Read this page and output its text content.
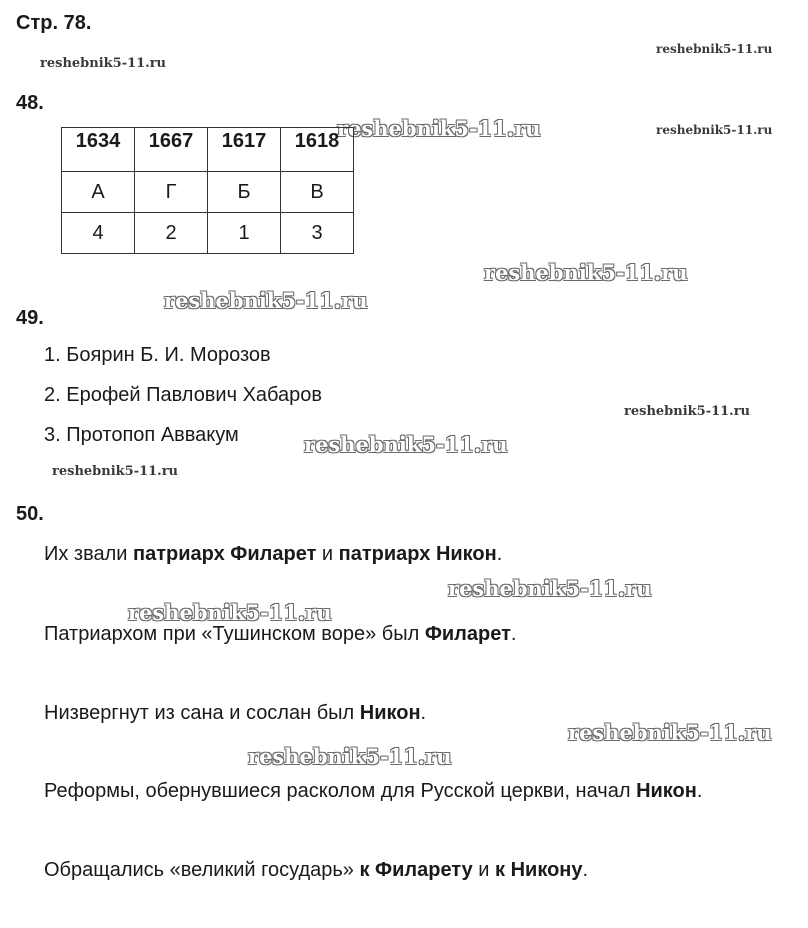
Стр. 78.
reshebnik5-11.ru
reshebnik5-11.ru
reshebnik5-11.ru	reshebnik5-11.ru
reshebnik5-11.ru
reshebnik5-11.ru
reshebnik5-11.ru
reshebnik5-11.ru
reshebnik5-11.ru
reshebnik5-11.ru
reshebnik5-11.ru
reshebnik5-11.ru
reshebnik5-11.ru
48.
1634	1667	1617	1618
А	Г	Б	В
4	2	1	3
49.
1. Боярин Б. И. Морозов
2. Ерофей Павлович Хабаров
3. Протопоп Аввакум
50.
Их звали патриарх Филарет и патриарх Никон.
Патриархом при «Тушинском воре» был Филарет.
Низвергнут из сана и сослан был Никон.
Реформы, обернувшиеся расколом для Русской церкви, начал Никон.
Обращались «великий государь» к Филарету и к Никону.
